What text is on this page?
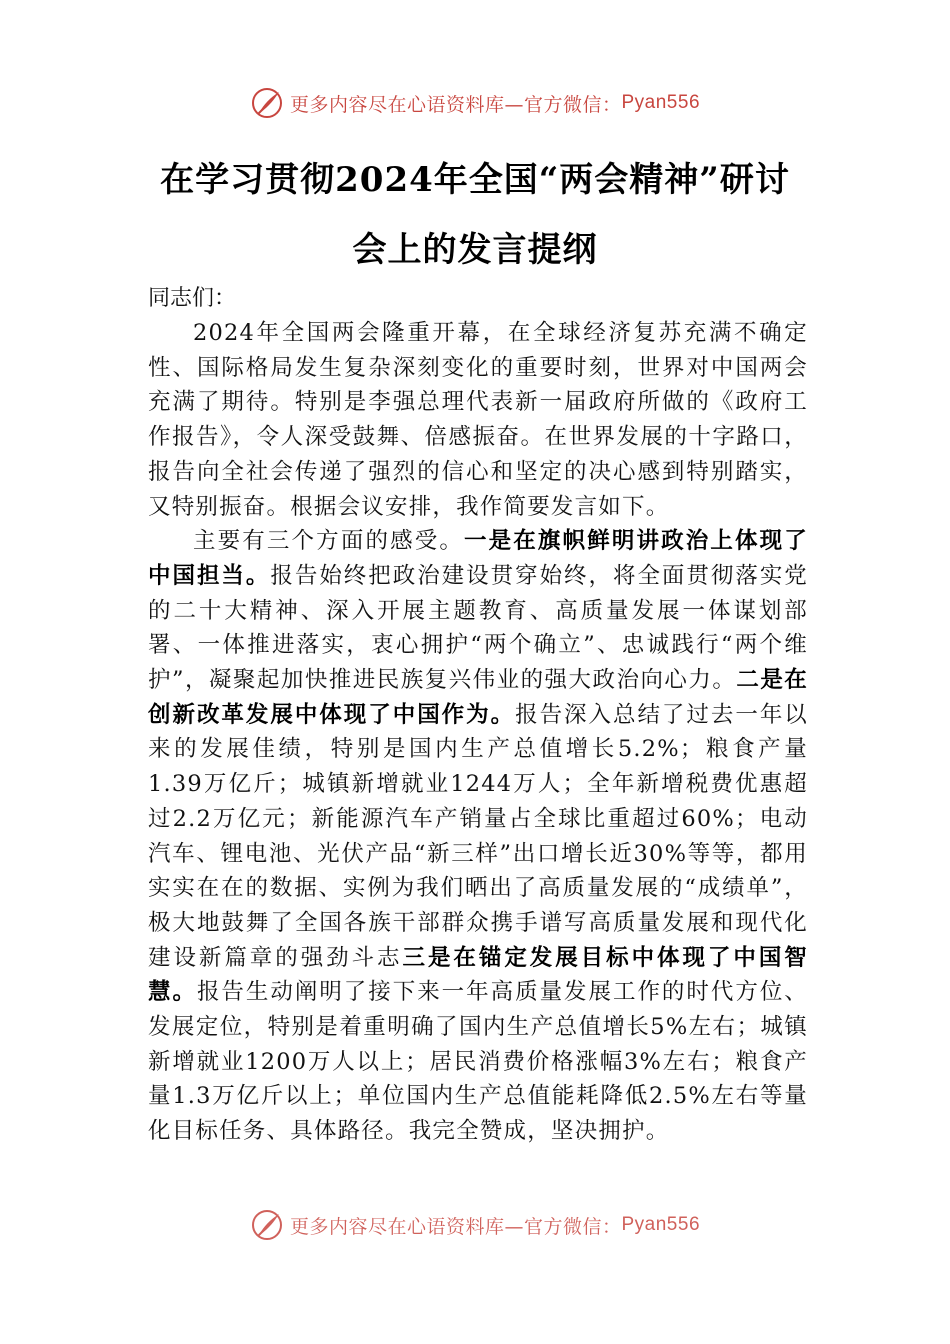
更多内容尽在心语资料库—官方微信： Pyan556
在学习贯彻2024年全国“两会精神”研讨
会上的发言提纲
同志们：

2024年全国两会隆重开幕，在全球经济复苏充满不确定性、国际格局发生复杂深刻变化的重要时刻，世界对中国两会充满了期待。特别是李强总理代表新一届政府所做的《政府工作报告》，令人深受鼓舞、倍感振奋。在世界发展的十字路口，报告向全社会传递了强烈的信心和坚定的决心感到特别踏实，又特别振奋。根据会议安排，我作简要发言如下。

主要有三个方面的感受。一是在旗帜鲜明讲政治上体现了中国担当。报告始终把政治建设贯穿始终，将全面贯彻落实党的二十大精神、深入开展主题教育、高质量发展一体谋划部署、一体推进落实，衷心拥护“两个确立”、忠诚践行“两个维护”，凝聚起加快推进民族复兴伟业的强大政治向心力。二是在创新改革发展中体现了中国作为。报告深入总结了过去一年以来的发展佳绩，特别是国内生产总值增长5.2%；粮食产量1.39万亿斤；城镇新增就业1244万人；全年新增税费优惠超过2.2万亿元；新能源汽车产销量占全球比重超过60%；电动汽车、锂电池、光伏产品“新三样”出口增长近30%等等，都用实实在在的数据、实例为我们晒出了高质量发展的“成绩单”，极大地鼓舞了全国各族干部群众携手谱写高质量发展和现代化建设新篇章的强劲斗志三是在锚定发展目标中体现了中国智慧。报告生动阐明了接下来一年高质量发展工作的时代方位、发展定位，特别是着重明确了国内生产总值增长5%左右；城镇新增就业1200万人以上；居民消费价格涨幅3%左右；粮食产量1.3万亿斤以上；单位国内生产总值能耗降低2.5%左右等量化目标任务、具体路径。我完全赞成，坚决拥护。

更多内容尽在心语资料库—官方微信： Pyan556
